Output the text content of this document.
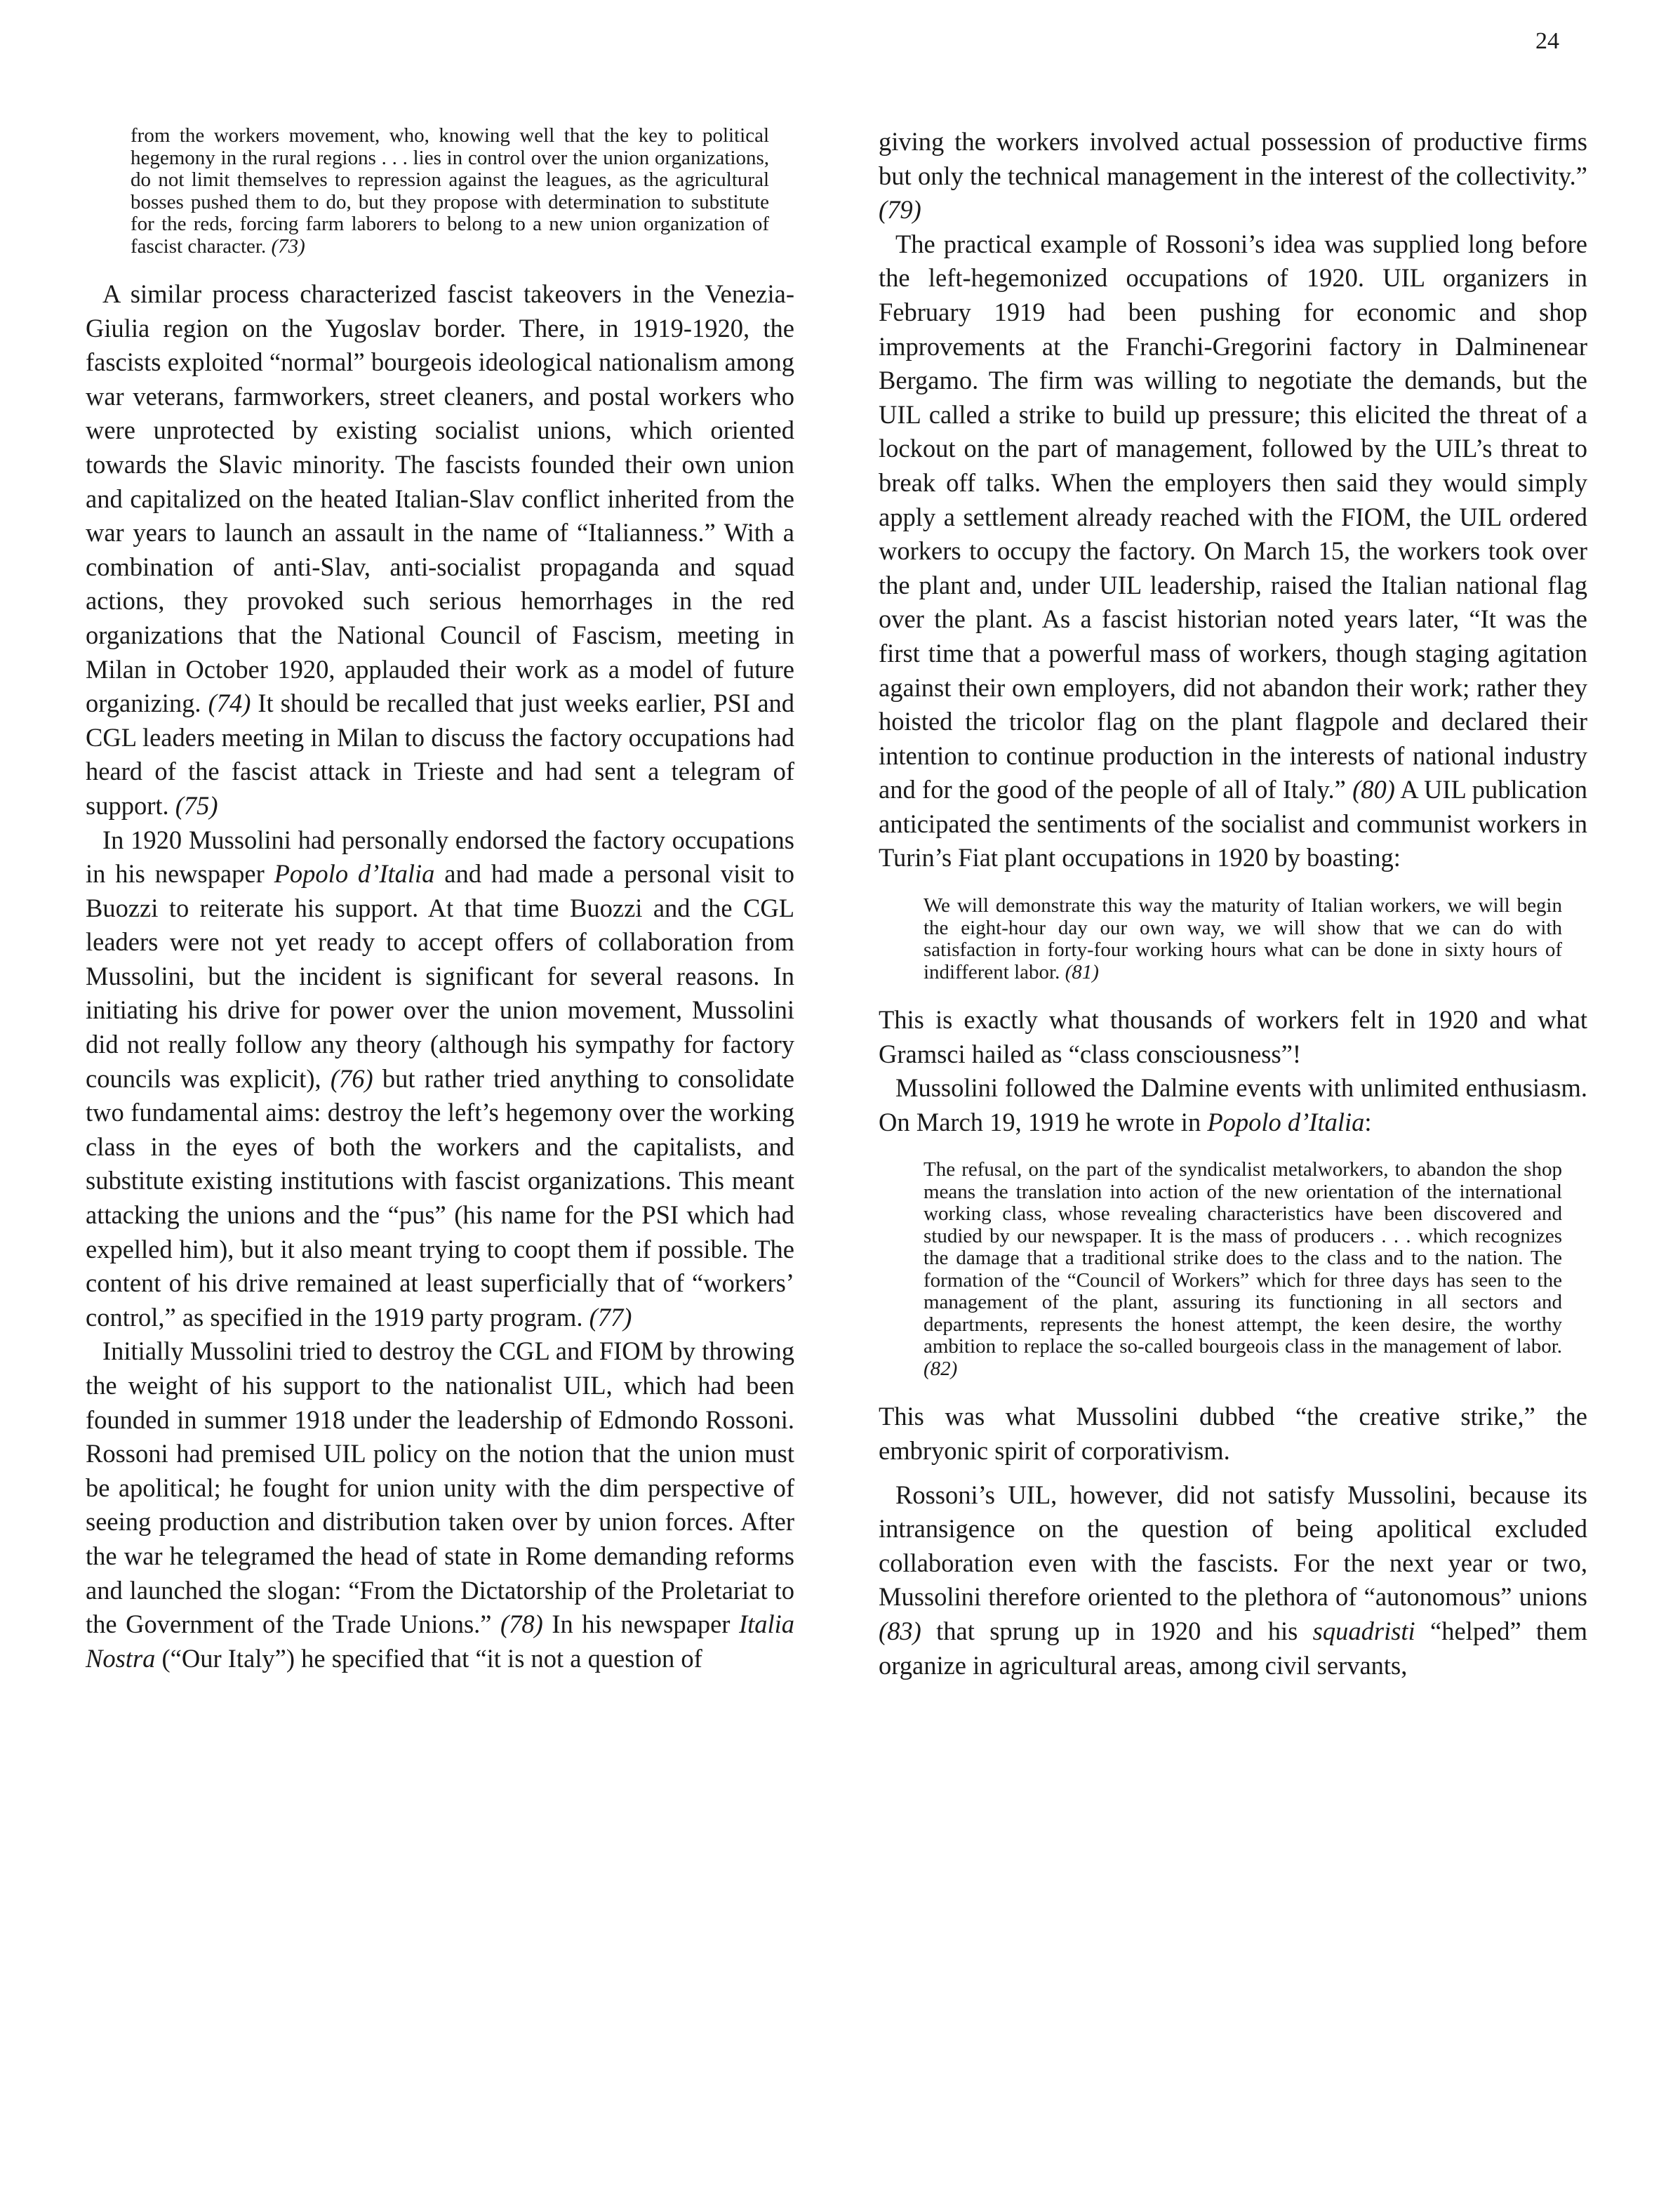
24

from the workers movement, who, knowing well that the key to political hegemony in the rural regions . . . lies in control over the union organizations, do not limit themselves to repression against the leagues, as the agricultural bosses pushed them to do, but they propose with determination to substitute for the reds, forcing farm laborers to belong to a new union organization of fascist character. (73)

A similar process characterized fascist takeovers in the Venezia-Giulia region on the Yugoslav border. There, in 1919-1920, the fascists exploited “normal” bourgeois ideological nationalism among war veterans, farmworkers, street cleaners, and postal workers who were unprotected by existing socialist unions, which oriented towards the Slavic minority. The fascists founded their own union and capitalized on the heated Italian-Slav conflict inherited from the war years to launch an assault in the name of “Italianness.” With a combination of anti-Slav, anti-socialist propaganda and squad actions, they provoked such serious hemorrhages in the red organizations that the National Council of Fascism, meeting in Milan in October 1920, applauded their work as a model of future organizing. (74) It should be recalled that just weeks earlier, PSI and CGL leaders meeting in Milan to discuss the factory occupations had heard of the fascist attack in Trieste and had sent a telegram of support. (75)

In 1920 Mussolini had personally endorsed the factory occupations in his newspaper Popolo d’Italia and had made a personal visit to Buozzi to reiterate his support. At that time Buozzi and the CGL leaders were not yet ready to accept offers of collaboration from Mussolini, but the incident is significant for several reasons. In initiating his drive for power over the union movement, Mussolini did not really follow any theory (although his sympathy for factory councils was explicit), (76) but rather tried anything to consolidate two fundamental aims: destroy the left’s hegemony over the working class in the eyes of both the workers and the capitalists, and substitute existing institutions with fascist organizations. This meant attacking the unions and the “pus” (his name for the PSI which had expelled him), but it also meant trying to coopt them if possible. The content of his drive remained at least superficially that of “workers’ control,” as specified in the 1919 party program. (77)

Initially Mussolini tried to destroy the CGL and FIOM by throwing the weight of his support to the nationalist UIL, which had been founded in summer 1918 under the leadership of Edmondo Rossoni. Rossoni had premised UIL policy on the notion that the union must be apolitical; he fought for union unity with the dim perspective of seeing production and distribution taken over by union forces. After the war he telegramed the head of state in Rome demanding reforms and launched the slogan: “From the Dictatorship of the Proletariat to the Government of the Trade Unions.” (78) In his newspaper Italia Nostra (“Our Italy”) he specified that “it is not a question of

giving the workers involved actual possession of productive firms but only the technical management in the interest of the collectivity.” (79)

The practical example of Rossoni’s idea was supplied long before the left-hegemonized occupations of 1920. UIL organizers in February 1919 had been pushing for economic and shop improvements at the Franchi-Gregorini factory in Dalminenear Bergamo. The firm was willing to negotiate the demands, but the UIL called a strike to build up pressure; this elicited the threat of a lockout on the part of management, followed by the UIL’s threat to break off talks. When the employers then said they would simply apply a settlement already reached with the FIOM, the UIL ordered workers to occupy the factory. On March 15, the workers took over the plant and, under UIL leadership, raised the Italian national flag over the plant. As a fascist historian noted years later, “It was the first time that a powerful mass of workers, though staging agitation against their own employers, did not abandon their work; rather they hoisted the tricolor flag on the plant flagpole and declared their intention to continue production in the interests of national industry and for the good of the people of all of Italy.” (80) A UIL publication anticipated the sentiments of the socialist and communist workers in Turin’s Fiat plant occupations in 1920 by boasting:

We will demonstrate this way the maturity of Italian workers, we will begin the eight-hour day our own way, we will show that we can do with satisfaction in forty-four working hours what can be done in sixty hours of indifferent labor. (81)

This is exactly what thousands of workers felt in 1920 and what Gramsci hailed as “class consciousness”!

Mussolini followed the Dalmine events with unlimited enthusiasm. On March 19, 1919 he wrote in Popolo d’Italia:

The refusal, on the part of the syndicalist metalworkers, to abandon the shop means the translation into action of the new orientation of the international working class, whose revealing characteristics have been discovered and studied by our newspaper. It is the mass of producers . . . which recognizes the damage that a traditional strike does to the class and to the nation. The formation of the “Council of Workers” which for three days has seen to the management of the plant, assuring its functioning in all sectors and departments, represents the honest attempt, the keen desire, the worthy ambition to replace the so-called bourgeois class in the management of labor. (82)

This was what Mussolini dubbed “the creative strike,” the embryonic spirit of corporativism.

Rossoni’s UIL, however, did not satisfy Mussolini, because its intransigence on the question of being apolitical excluded collaboration even with the fascists. For the next year or two, Mussolini therefore oriented to the plethora of “autonomous” unions (83) that sprung up in 1920 and his squadristi “helped” them organize in agricultural areas, among civil servants,
